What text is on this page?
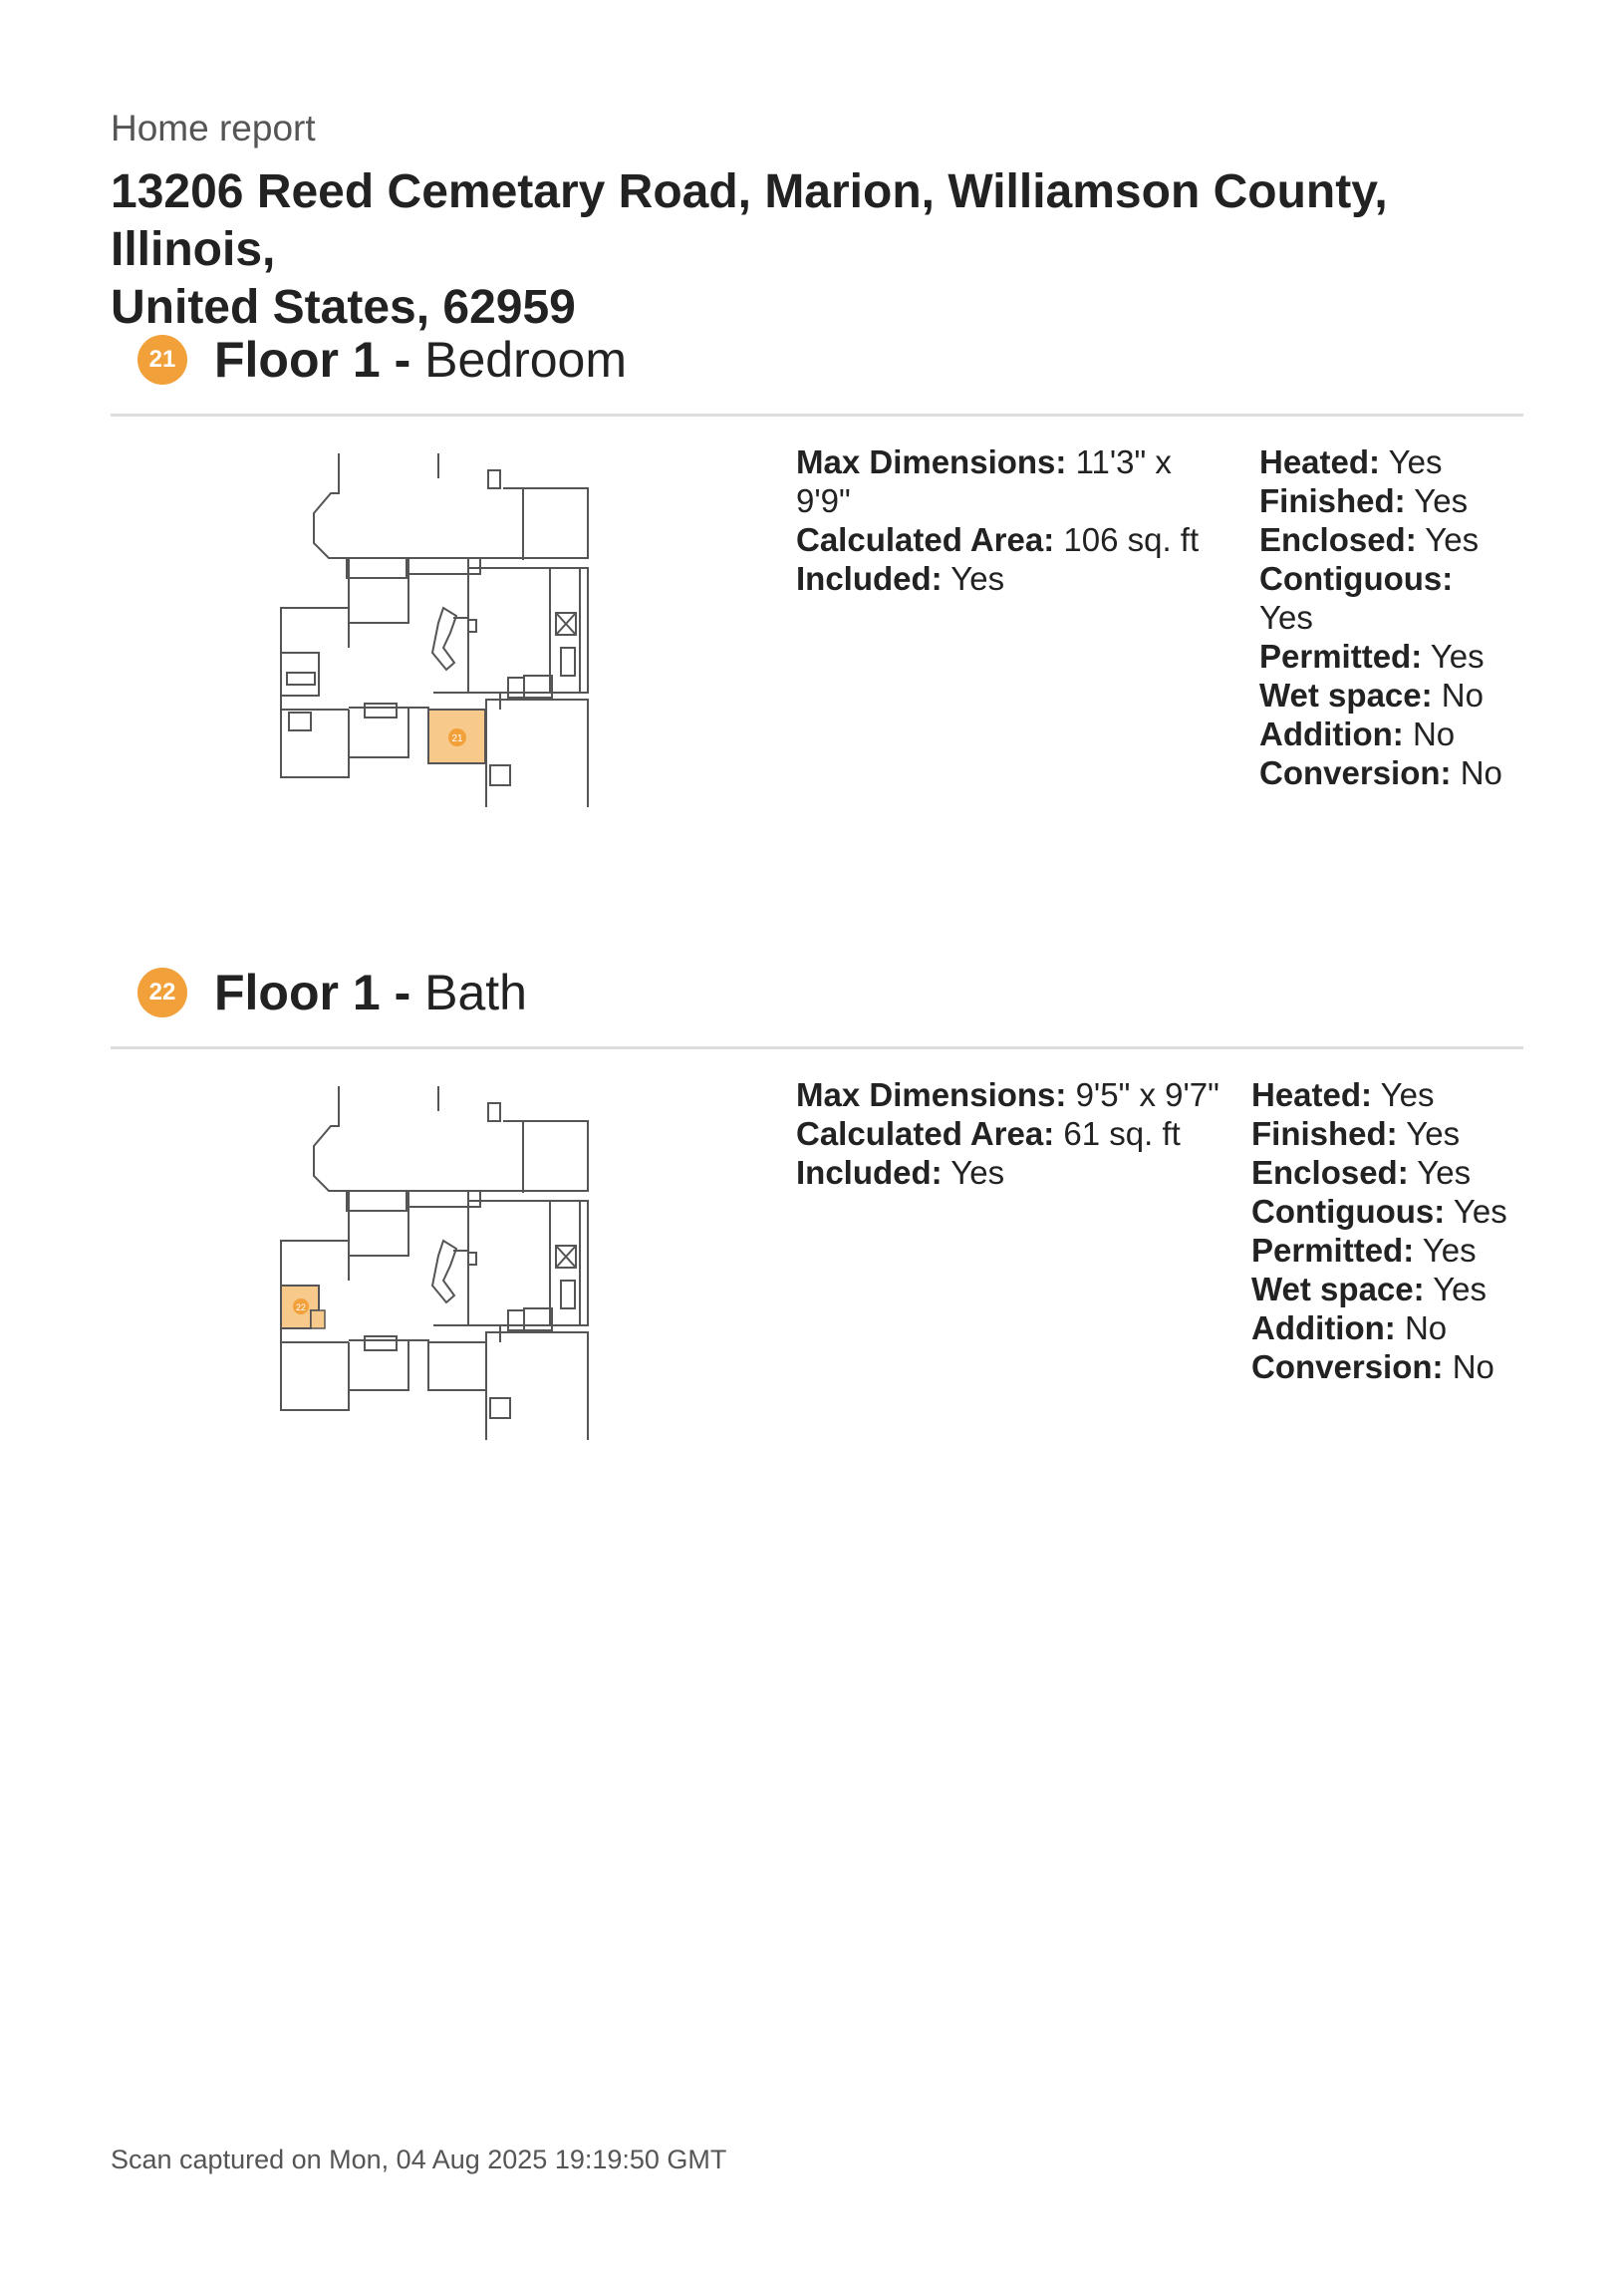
Home report
13206 Reed Cemetary Road, Marion, Williamson County, Illinois,
United States, 62959
21 Floor 1 - Bedroom
21
Max Dimensions: 11'3" x
9'9"
Calculated Area: 106 sq. ft
Included: Yes
Heated: Yes
Finished: Yes
Enclosed: Yes
Contiguous:
Yes
Permitted: Yes
Wet space: No
Addition: No
Conversion: No
22 Floor 1 - Bath
22
Max Dimensions: 9'5" x 9'7"
Calculated Area: 61 sq. ft
Included: Yes
Heated: Yes
Finished: Yes
Enclosed: Yes
Contiguous: Yes
Permitted: Yes
Wet space: Yes
Addition: No
Conversion: No
Scan captured on Mon, 04 Aug 2025 19:19:50 GMT
